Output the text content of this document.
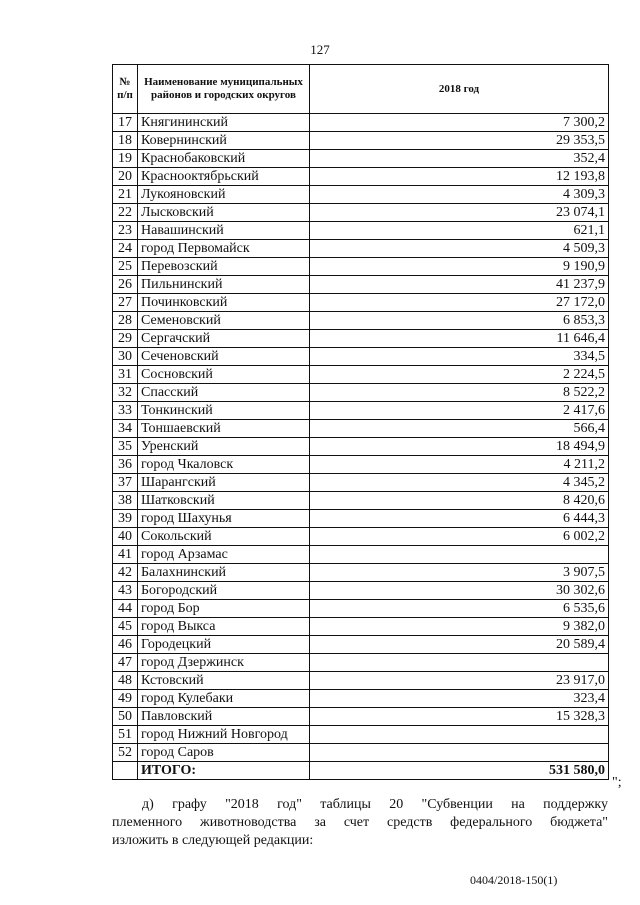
127
№ п/п	Наименование муниципальных районов и городских округов	2018 год
17	Княгининский	7 300,2
18	Ковернинский	29 353,5
19	Краснобаковский	352,4
20	Краснооктябрьский	12 193,8
21	Лукояновский	4 309,3
22	Лысковский	23 074,1
23	Навашинский	621,1
24	город Первомайск	4 509,3
25	Перевозский	9 190,9
26	Пильнинский	41 237,9
27	Починковский	27 172,0
28	Семеновский	6 853,3
29	Сергачский	11 646,4
30	Сеченовский	334,5
31	Сосновский	2 224,5
32	Спасский	8 522,2
33	Тонкинский	2 417,6
34	Тоншаевский	566,4
35	Уренский	18 494,9
36	город Чкаловск	4 211,2
37	Шарангский	4 345,2
38	Шатковский	8 420,6
39	город Шахунья	6 444,3
40	Сокольский	6 002,2
41	город Арзамас	
42	Балахнинский	3 907,5
43	Богородский	30 302,6
44	город Бор	6 535,6
45	город Выкса	9 382,0
46	Городецкий	20 589,4
47	город Дзержинск	
48	Кстовский	23 917,0
49	город Кулебаки	323,4
50	Павловский	15 328,3
51	город Нижний Новгород	
52	город Саров	
	ИТОГО:	531 580,0
";
д) графу "2018 год" таблицы 20 "Субвенции на поддержку
племенного животноводства за счет средств федерального бюджета"
изложить в следующей редакции:
0404/2018-150(1)
